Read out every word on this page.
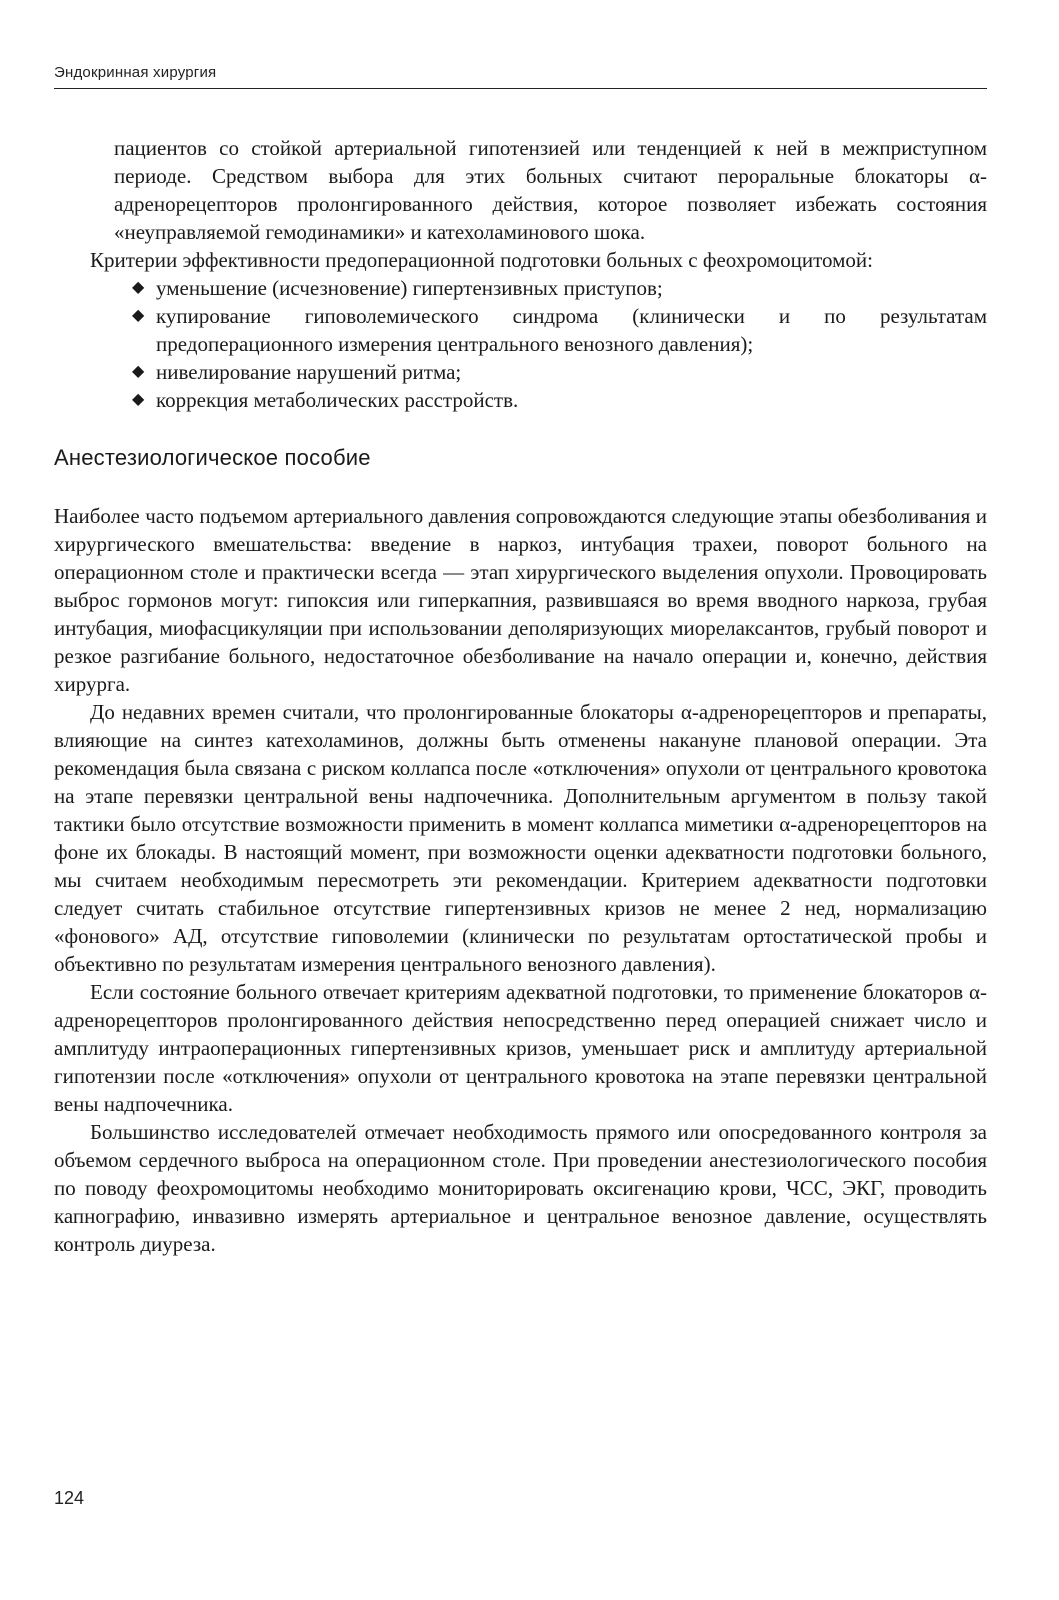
Эндокринная хирургия

пациентов со стойкой артериальной гипотензией или тенденцией к ней в межприступном периоде. Средством выбора для этих больных считают пероральные блокаторы α-адренорецепторов пролонгированного действия, которое позволяет избежать состояния «неуправляемой гемодинамики» и катехоламинового шока.

Критерии эффективности предоперационной подготовки больных с феохромоцитомой:

◆ уменьшение (исчезновение) гипертензивных приступов;
◆ купирование гиповолемического синдрома (клинически и по результатам предоперационного измерения центрального венозного давления);
◆ нивелирование нарушений ритма;
◆ коррекция метаболических расстройств.
Анестезиологическое пособие

Наиболее часто подъемом артериального давления сопровождаются следующие этапы обезболивания и хирургического вмешательства: введение в наркоз, интубация трахеи, поворот больного на операционном столе и практически всегда — этап хирургического выделения опухоли. Провоцировать выброс гормонов могут: гипоксия или гиперкапния, развившаяся во время вводного наркоза, грубая интубация, миофасцикуляции при использовании деполяризующих миорелаксантов, грубый поворот и резкое разгибание больного, недостаточное обезболивание на начало операции и, конечно, действия хирурга.

До недавних времен считали, что пролонгированные блокаторы α-адренорецепторов и препараты, влияющие на синтез катехоламинов, должны быть отменены накануне плановой операции. Эта рекомендация была связана с риском коллапса после «отключения» опухоли от центрального кровотока на этапе перевязки центральной вены надпочечника. Дополнительным аргументом в пользу такой тактики было отсутствие возможности применить в момент коллапса миметики α-адренорецепторов на фоне их блокады. В настоящий момент, при возможности оценки адекватности подготовки больного, мы считаем необходимым пересмотреть эти рекомендации. Критерием адекватности подготовки следует считать стабильное отсутствие гипертензивных кризов не менее 2 нед, нормализацию «фонового» АД, отсутствие гиповолемии (клинически по результатам ортостатической пробы и объективно по результатам измерения центрального венозного давления).

Если состояние больного отвечает критериям адекватной подготовки, то применение блокаторов α-адренорецепторов пролонгированного действия непосредственно перед операцией снижает число и амплитуду интраоперационных гипертензивных кризов, уменьшает риск и амплитуду артериальной гипотензии после «отключения» опухоли от центрального кровотока на этапе перевязки центральной вены надпочечника.

Большинство исследователей отмечает необходимость прямого или опосредованного контроля за объемом сердечного выброса на операционном столе. При проведении анестезиологического пособия по поводу феохромоцитомы необходимо мониторировать оксигенацию крови, ЧСС, ЭКГ, проводить капнографию, инвазивно измерять артериальное и центральное венозное давление, осуществлять контроль диуреза.

124
